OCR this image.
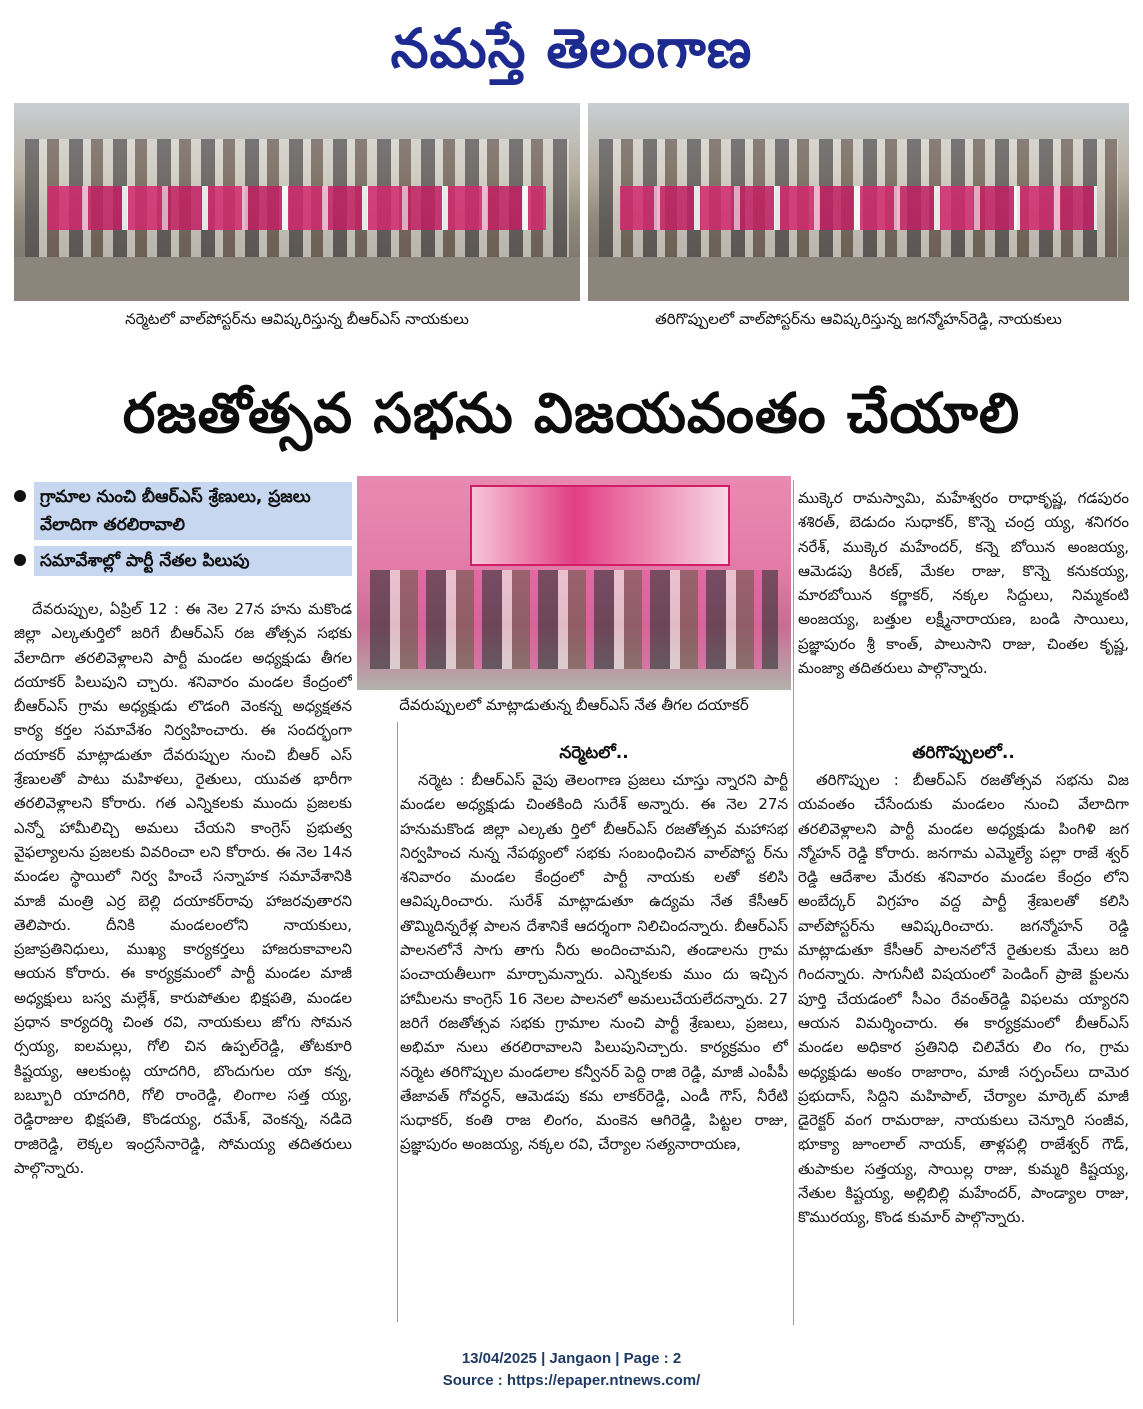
నమస్తే తెలంగాణ
నర్మెటలో వాల్‌పోస్టర్‌ను ఆవిష్కరిస్తున్న బీఆర్‌ఎస్ నాయకులు	తరిగొప్పులలో వాల్‌పోస్టర్‌ను ఆవిష్కరిస్తున్న జగన్మోహన్‌రెడ్డి, నాయకులు
రజతోత్సవ సభను విజయవంతం చేయాలి
గ్రామాల నుంచి బీఆర్‌ఎస్ శ్రేణులు, ప్రజలు వేలాదిగా తరలిరావాలి
సమావేశాల్లో పార్టీ నేతల పిలుపు
దేవరుప్పులలో మాట్లాడుతున్న బీఆర్‌ఎస్ నేత తీగల దయాకర్

దేవరుప్పుల, ఏప్రిల్ 12 : ఈ నెల 27న హను మకొండ జిల్లా ఎల్కతుర్తిలో జరిగే బీఆర్‌ఎస్ రజ తోత్సవ సభకు వేలాదిగా తరలివెళ్లాలని పార్టీ మండల అధ్యక్షుడు తీగల దయాకర్ పిలుపుని చ్చారు. శనివారం మండల కేంద్రంలో బీఆర్‌ఎస్ గ్రామ అధ్యక్షుడు లొడంగి వెంకన్న అధ్యక్షతన కార్య కర్తల సమావేశం నిర్వహించారు. ఈ సందర్భంగా దయాకర్ మాట్లాడుతూ దేవరుప్పుల నుంచి బీఆర్ ఎస్ శ్రేణులతో పాటు మహిళలు, రైతులు, యువత భారీగా తరలివెళ్లాలని కోరారు. గత ఎన్నికలకు ముందు ప్రజలకు ఎన్నో హామీలిచ్చి అమలు చేయని కాంగ్రెస్ ప్రభుత్వ వైఫల్యాలను ప్రజలకు వివరించా లని కోరారు. ఈ నెల 14న మండల స్థాయిలో నిర్వ హించే సన్నాహక సమావేశానికి మాజీ మంత్రి ఎర్ర బెల్లి దయాకర్‌రావు హాజరవుతారని తెలిపారు. దీనికి మండలంలోని నాయకులు, ప్రజాప్రతినిధులు, ముఖ్య కార్యకర్తలు హాజరుకావాలని ఆయన కోరారు. ఈ కార్యక్రమంలో పార్టీ మండల మాజీ అధ్యక్షులు బస్వ మల్లేశ్, కారుపోతుల భిక్షపతి, మండల ప్రధాన కార్యదర్శి చింత రవి, నాయకులు జోగు సోమన ర్సయ్య, ఐలమల్లు, గోలి చిన ఉప్పల్‌రెడ్డి, తోటకూరి కిష్టయ్య, ఆలకుంట్ల యాదగిరి, బొందుగుల యా కన్న, బబ్బూరి యాదగిరి, గోలి రాంరెడ్డి, లింగాల సత్త య్య, రెడ్డిరాజుల భిక్షపతి, కొండయ్య, రమేశ్, వెంకన్న, నడిదె రాజిరెడ్డి, లెక్కల ఇంద్రసేనారెడ్డి, సోమయ్య తదితరులు పాల్గొన్నారు.

నర్మెటలో..

నర్మెట : బీఆర్‌ఎస్ వైపు తెలంగాణ ప్రజలు చూస్తు న్నారని పార్టీ మండల అధ్యక్షుడు చింతకింది సురేశ్ అన్నారు. ఈ నెల 27న హనుమకొండ జిల్లా ఎల్కతు ర్తిలో బీఆర్‌ఎస్ రజతోత్సవ మహాసభ నిర్వహించ నున్న నేపథ్యంలో సభకు సంబంధించిన వాల్‌పోస్ట ర్‌ను శనివారం మండల కేంద్రంలో పార్టీ నాయకు లతో కలిసి ఆవిష్కరించారు. సురేశ్ మాట్లాడుతూ ఉద్యమ నేత కేసీఆర్ తొమ్మిదిన్నరేళ్ల పాలన దేశానికే ఆదర్శంగా నిలిచిందన్నారు. బీఆర్‌ఎస్ పాలనలోనే సాగు తాగు నీరు అందించామని, తండాలను గ్రామ పంచాయతీలుగా మార్చామన్నారు. ఎన్నికలకు ముం దు ఇచ్చిన హామీలను కాంగ్రెస్ 16 నెలల పాలనలో అమలుచేయలేదన్నారు. 27 జరిగే రజతోత్సవ సభకు గ్రామాల నుంచి పార్టీ శ్రేణులు, ప్రజలు, అభిమా నులు తరలిరావాలని పిలుపునిచ్చారు. కార్యక్రమం లో నర్మెట తరిగొప్పుల మండలాల కన్వీనర్ పెద్ది రాజి రెడ్డి, మాజీ ఎంపీపీ తేజావత్ గోవర్ధన్, ఆమెడపు కమ లాకర్‌రెడ్డి, ఎండీ గౌస్, నీరేటి సుధాకర్, కంతి రాజ లింగం, మంకెన ఆగిరెడ్డి, పిట్టల రాజు, ప్రజ్ఞాపురం అంజయ్య, నక్కల రవి, చేర్యాల సత్యనారాయణ,

ముక్కెర రామస్వామి, మహేశ్వరం రాధాకృష్ణ, గడపురం శశిరత్, బెడుదం సుధాకర్, కొన్నె చంద్ర య్య, శనిగరం నరేశ్, ముక్కెర మహేందర్, కన్నె బోయిన అంజయ్య, ఆమెడపు కిరణ్, మేకల రాజు, కొన్నె కనుకయ్య, మారబోయిన కర్ణాకర్, నక్కల సిద్దులు, నిమ్మకంటి అంజయ్య, బత్తుల లక్ష్మీనారాయణ, బండి సాయిలు, ప్రజ్ఞాపురం శ్రీ కాంత్, పాలుసాని రాజు, చింతల కృష్ణ, మంజ్యా తదితరులు పాల్గొన్నారు.

తరిగొప్పులలో..

తరిగొప్పుల : బీఆర్‌ఎస్ రజతోత్సవ సభను విజ యవంతం చేసేందుకు మండలం నుంచి వేలాదిగా తరలివెళ్లాలని పార్టీ మండల అధ్యక్షుడు పింగిళి జగ న్మోహన్ రెడ్డి కోరారు. జనగామ ఎమ్మెల్యే పల్లా రాజే శ్వర్ రెడ్డి ఆదేశాల మేరకు శనివారం మండల కేంద్రం లోని అంబేద్కర్ విగ్రహం వద్ద పార్టీ శ్రేణులతో కలిసి వాల్‌పోస్టర్‌ను ఆవిష్కరించారు. జగన్మోహన్ రెడ్డి మాట్లాడుతూ కేసీఆర్ పాలనలోనే రైతులకు మేలు జరి గిందన్నారు. సాగునీటి విషయంలో పెండింగ్ ప్రాజె క్టులను పూర్తి చేయడంలో సీఎం రేవంత్‌రెడ్డి విఫలమ య్యారని ఆయన విమర్శించారు. ఈ కార్యక్రమంలో బీఆర్‌ఎస్ మండల అధికార ప్రతినిధి చిలివేరు లిం గం, గ్రామ అధ్యక్షుడు అంకం రాజారాం, మాజీ సర్పంచ్‌లు దామెర ప్రభుదాస్, సిద్దిని మహిపాల్, చేర్యాల మార్కెట్ మాజీ డైరెక్టర్ వంగ రామరాజు, నాయకులు చెన్నూరి సంజీవ, భూక్యా జూంలాల్ నాయక్, తాళ్లపల్లి రాజేశ్వర్ గౌడ్, తుపాకుల సత్తయ్య, సాయిల్ల రాజు, కుమ్మరి కిష్టయ్య, నేతుల కిష్టయ్య, అల్లిబిల్లి మహేందర్, పాండ్యాల రాజు, కొమురయ్య, కొండ కుమార్ పాల్గొన్నారు.

13/04/2025 | Jangaon | Page : 2
Source : https://epaper.ntnews.com/
